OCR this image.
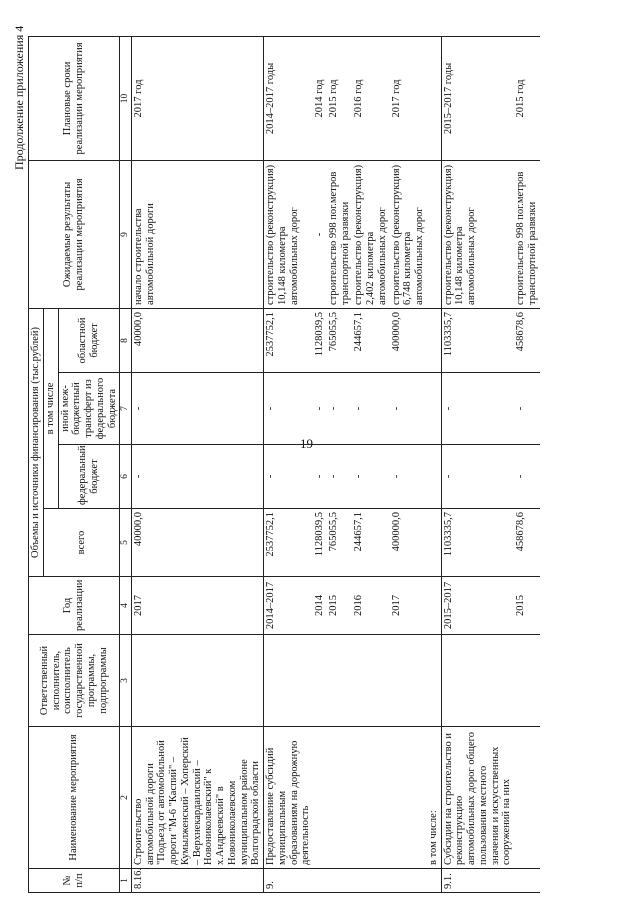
19
Продолжение приложения 4
№ п/п	Наименование мероприятия	Ответственный исполнитель, соисполнитель государственной программы, подпрограммы	Год реализации	Объемы и источники финансирования (тыс.рублей)				Ожидаемые результаты реализации мероприятия	Плановые сроки реализации мероприятия
				всего	в том числе				
					федеральный бюджет	иной меж-бюджетный трансферт из федерального бюджета	областной бюджет		
1	2	3	4	5	6	7	8	9	10
8.16.	Строительство автомобильной дороги "Подъезд от автомобильной дороги "М-6 "Каспий" – Кумылженский – Хоперский – Верхнекардаилский – Новониколаевский" к х.Андреевский" в Новониколаевском муниципальном районе Волгоградской области		2017	40000,0	-	-	40000,0	начало строительства автомобильной дороги	2017 год
9.	Предоставление субсидий муниципальным образованиям на дорожную деятельность		2014–2017	2537752,1	-	-	2537752,1	строительство (реконструкция) 10,148 километра автомобильных дорог	2014–2017 годы
			2014	1128039,5	-	-	1128039,5	-	2014 год
			2015	765055,5	-	-	765055,5	строительство 998 пог.метров транспортной развязки	2015 год
			2016	244657,1	-	-	244657,1	строительство (реконструкция) 2,402 километра автомобильных дорог	2016 год
			2017	400000,0	-	-	400000,0	строительство (реконструкция) 6,748 километра автомобильных дорог	2017 год
	в том числе:								
9.1.	Субсидии на строительство и реконструкцию автомобильных дорог общего пользования местного значения и искусственных сооружений на них		2015–2017	1103335,7	-	-	1103335,7	строительство (реконструкция) 10,148 километра автомобильных дорог	2015–2017 годы
			2015	458678,6	-	-	458678,6	строительство 998 пог.метров транспортной развязки	2015 год
